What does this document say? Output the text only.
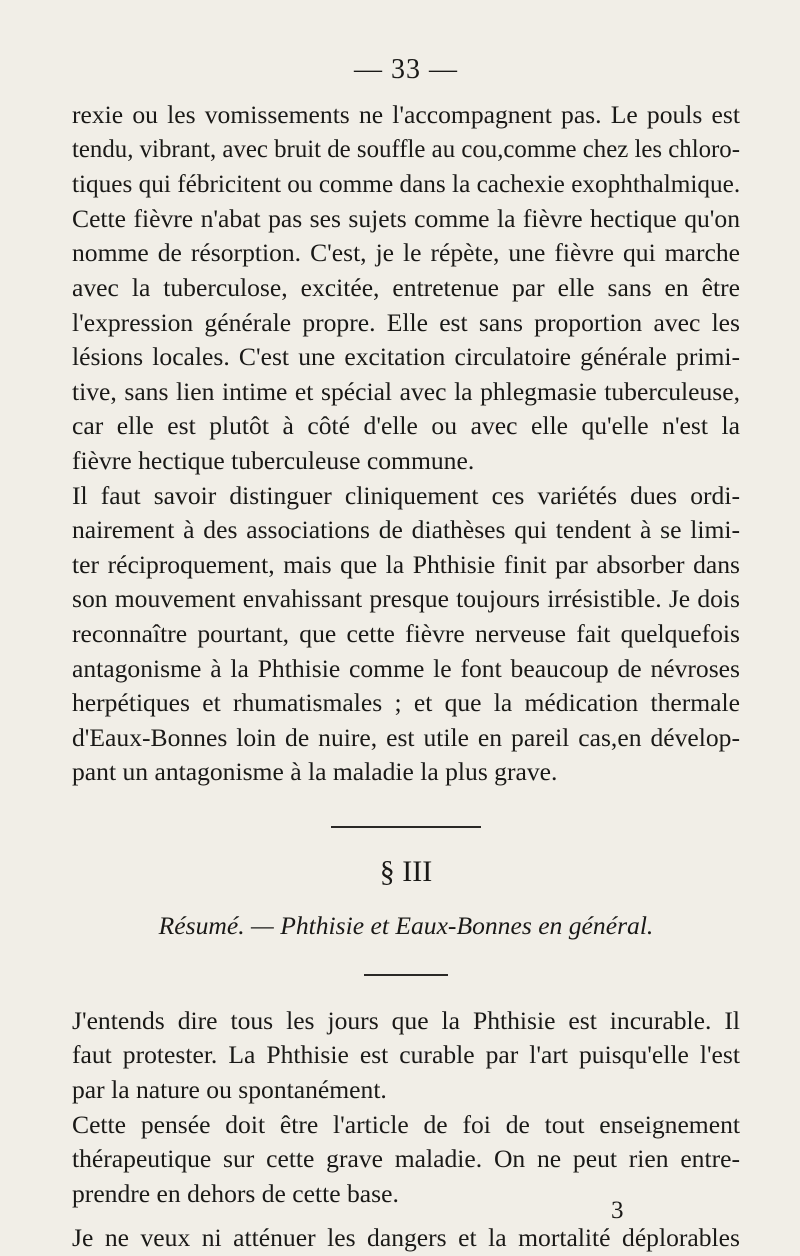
— 33 —
rexie ou les vomissements ne l'accompagnent pas. Le pouls est
tendu, vibrant, avec bruit de souffle au cou,comme chez les chloro-
tiques qui fébricitent ou comme dans la cachexie exophthalmique.
Cette fièvre n'abat pas ses sujets comme la fièvre hectique qu'on
nomme de résorption. C'est, je le répète, une fièvre qui marche
avec la tuberculose, excitée, entretenue par elle sans en être
l'expression générale propre. Elle est sans proportion avec les
lésions locales. C'est une excitation circulatoire générale primi-
tive, sans lien intime et spécial avec la phlegmasie tuberculeuse,
car elle est plutôt à côté d'elle ou avec elle qu'elle n'est la
fièvre hectique tuberculeuse commune.
Il faut savoir distinguer cliniquement ces variétés dues ordi-
nairement à des associations de diathèses qui tendent à se limi-
ter réciproquement, mais que la Phthisie finit par absorber dans
son mouvement envahissant presque toujours irrésistible. Je dois
reconnaître pourtant, que cette fièvre nerveuse fait quelquefois
antagonisme à la Phthisie comme le font beaucoup de névroses
herpétiques et rhumatismales ; et que la médication thermale
d'Eaux-Bonnes loin de nuire, est utile en pareil cas,en dévelop-
pant un antagonisme à la maladie la plus grave.
§ III
Résumé. — Phthisie et Eaux-Bonnes en général.
J'entends dire tous les jours que la Phthisie est incurable. Il
faut protester. La Phthisie est curable par l'art puisqu'elle l'est
par la nature ou spontanément.
Cette pensée doit être l'article de foi de tout enseignement
thérapeutique sur cette grave maladie. On ne peut rien entre-
prendre en dehors de cette base.
Je ne veux ni atténuer les dangers et la mortalité déplorables
3
